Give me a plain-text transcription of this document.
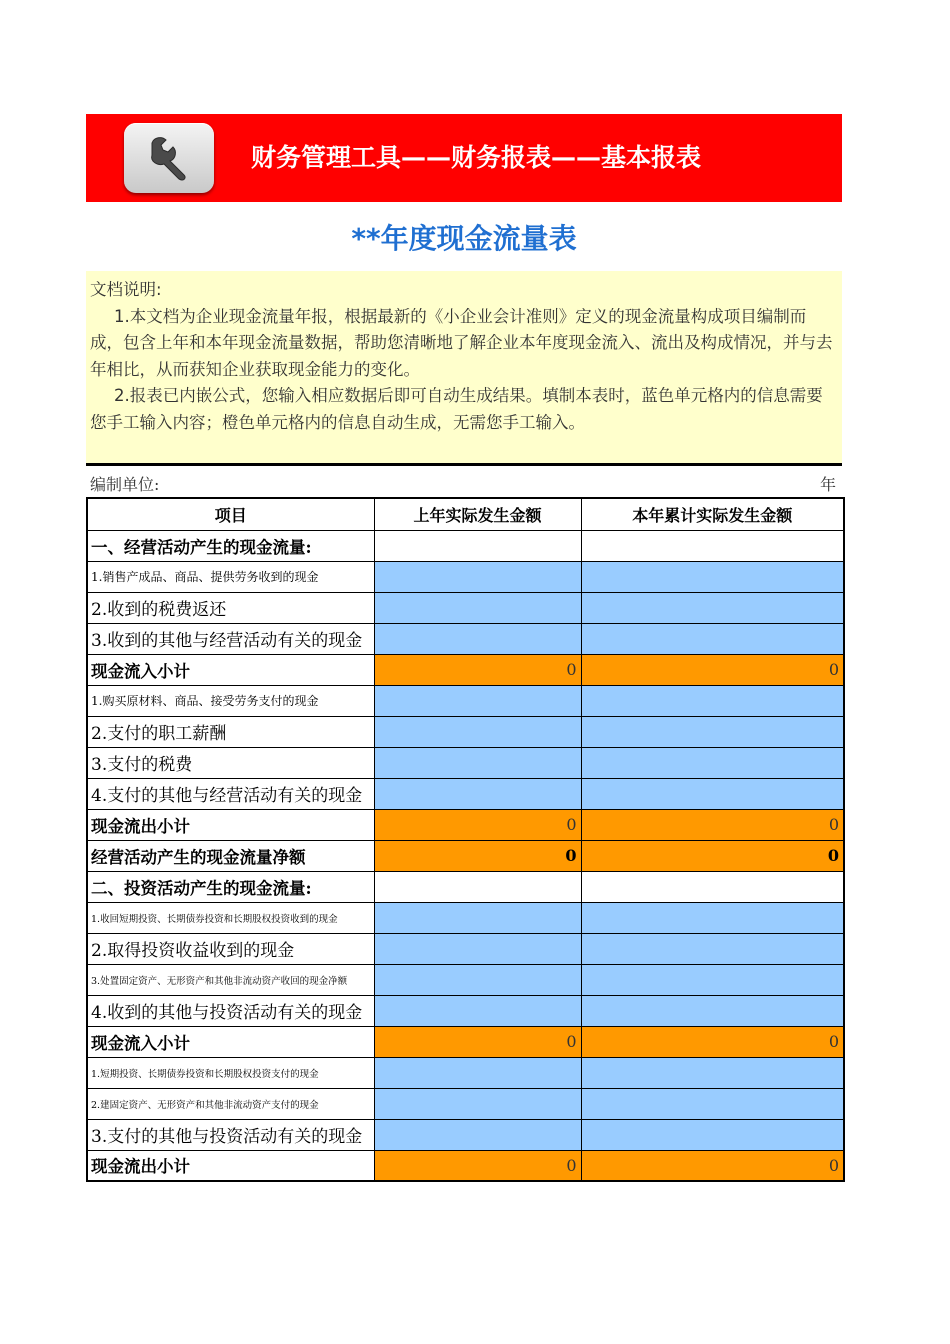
财务管理工具——财务报表——基本报表
**年度现金流量表

文档说明:

1.本文档为企业现金流量年报，根据最新的《小企业会计准则》定义的现金流量构成项目编制而成，包含上年和本年现金流量数据，帮助您清晰地了解企业本年度现金流入、流出及构成情况，并与去年相比，从而获知企业获取现金能力的变化。

2.报表已内嵌公式，您输入相应数据后即可自动生成结果。填制本表时，蓝色单元格内的信息需要您手工输入内容；橙色单元格内的信息自动生成，无需您手工输入。

编制单位:	年
项目	上年实际发生金额	本年累计实际发生金额
一、经营活动产生的现金流量:		
1.销售产成品、商品、提供劳务收到的现金		
2.收到的税费返还		
3.收到的其他与经营活动有关的现金		
现金流入小计	0	0
1.购买原材料、商品、接受劳务支付的现金		
2.支付的职工薪酬		
3.支付的税费		
4.支付的其他与经营活动有关的现金		
现金流出小计	0	0
经营活动产生的现金流量净额	0	0
二、投资活动产生的现金流量:		
1.收回短期投资、长期债券投资和长期股权投资收到的现金		
2.取得投资收益收到的现金		
3.处置固定资产、无形资产和其他非流动资产收回的现金净额		
4.收到的其他与投资活动有关的现金		
现金流入小计	0	0
1.短期投资、长期债券投资和长期股权投资支付的现金		
2.建固定资产、无形资产和其他非流动资产支付的现金		
3.支付的其他与投资活动有关的现金		
现金流出小计	0	0
